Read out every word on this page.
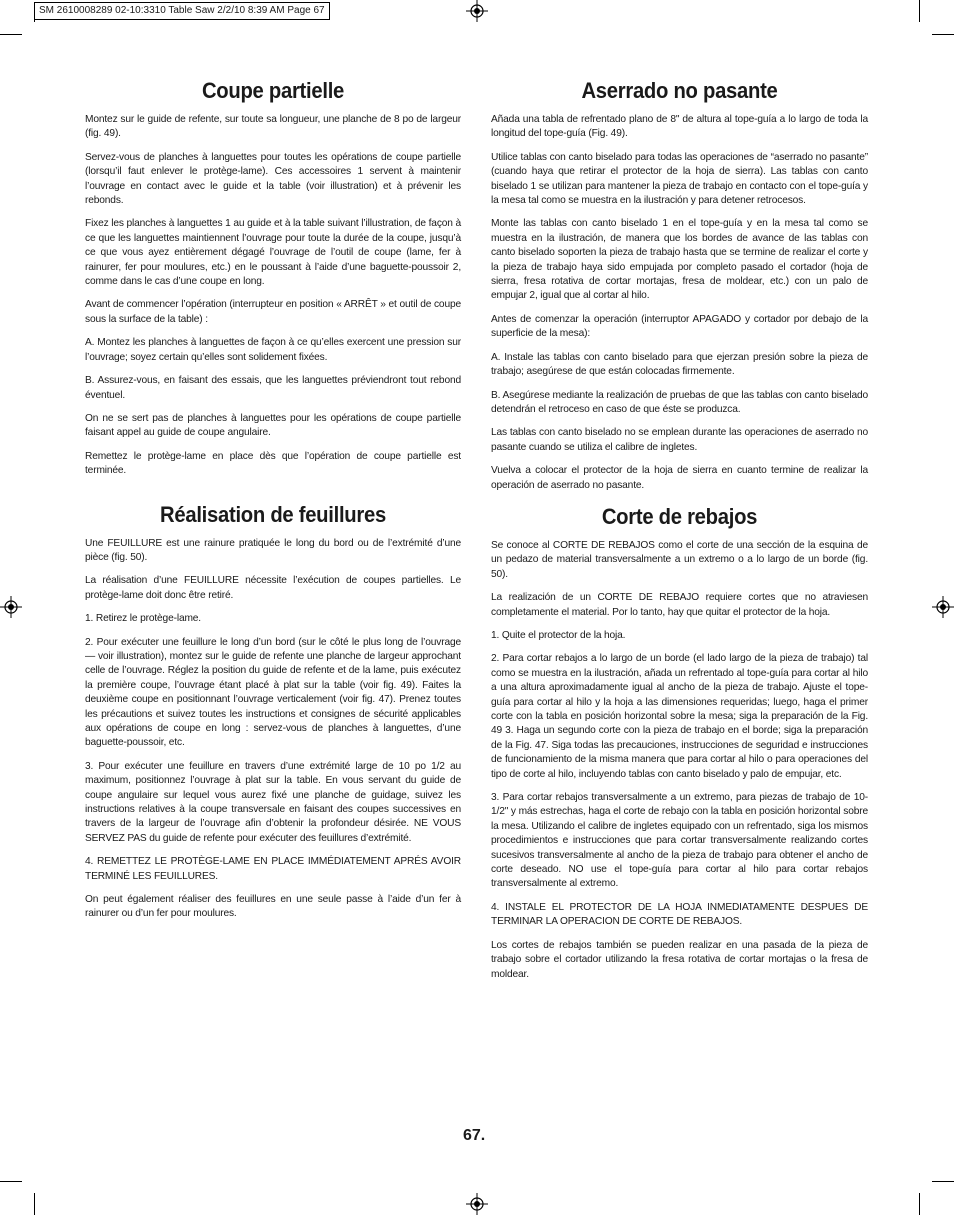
SM 2610008289 02-10:3310 Table Saw 2/2/10 8:39 AM Page 67
Coupe partielle

Montez sur le guide de refente, sur toute sa longueur, une planche de 8 po de largeur (fig. 49).

Servez-vous de planches à languettes pour toutes les opérations de coupe partielle (lorsqu’il faut enlever le protège-lame). Ces accessoires 1 servent à maintenir l’ouvrage en contact avec le guide et la table (voir illustration) et à prévenir les rebonds.

Fixez les planches à languettes 1 au guide et à la table suivant l’illustration, de façon à ce que les languettes maintiennent l’ouvrage pour toute la durée de la coupe, jusqu’à ce que vous ayez entièrement dégagé l’ouvrage de l’outil de coupe (lame, fer à rainurer, fer pour moulures, etc.) en le poussant à l’aide d’une baguette-poussoir 2, comme dans le cas d’une coupe en long.

Avant de commencer l’opération (interrupteur en position « ARRÊT » et outil de coupe sous la surface de la table) :

A. Montez les planches à languettes de façon à ce qu’elles exercent une pression sur l’ouvrage; soyez certain qu’elles sont solidement fixées.

B. Assurez-vous, en faisant des essais, que les languettes préviendront tout rebond éventuel.

On ne se sert pas de planches à languettes pour les opérations de coupe partielle faisant appel au guide de coupe angulaire.

Remettez le protège-lame en place dès que l’opération de coupe partielle est terminée.

Réalisation de feuillures

Une FEUILLURE est une rainure pratiquée le long du bord ou de l’extrémité d’une pièce (fig. 50).

La réalisation d’une FEUILLURE nécessite l’exécution de coupes partielles. Le protège-lame doit donc être retiré.

1. Retirez le protège-lame.

2. Pour exécuter une feuillure le long d’un bord (sur le côté le plus long de l’ouvrage — voir illustration), montez sur le guide de refente une planche de largeur approchant celle de l’ouvrage. Réglez la position du guide de refente et de la lame, puis exécutez la première coupe, l’ouvrage étant placé à plat sur la table (voir fig. 49). Faites la deuxième coupe en positionnant l’ouvrage verticalement (voir fig. 47). Prenez toutes les précautions et suivez toutes les instructions et consignes de sécurité applicables aux opérations de coupe en long : servez-vous de planches à languettes, d’une baguette-poussoir, etc.

3. Pour exécuter une feuillure en travers d’une extrémité large de 10 po 1/2 au maximum, positionnez l’ouvrage à plat sur la table. En vous servant du guide de coupe angulaire sur lequel vous aurez fixé une planche de guidage, suivez les instructions relatives à la coupe transversale en faisant des coupes successives en travers de la largeur de l’ouvrage afin d’obtenir la profondeur désirée. NE VOUS SERVEZ PAS du guide de refente pour exécuter des feuillures d’extrémité.

4. REMETTEZ LE PROTÈGE-LAME EN PLACE IMMÉDIATEMENT APRÉS AVOIR TERMINÉ LES FEUILLURES.

On peut également réaliser des feuillures en une seule passe à l’aide d’un fer à rainurer ou d’un fer pour moulures.

Aserrado no pasante

Añada una tabla de refrentado plano de 8" de altura al tope-guía a lo largo de toda la longitud del tope-guía (Fig. 49).

Utilice tablas con canto biselado para todas las operaciones de “aserrado no pasante” (cuando haya que retirar el protector de la hoja de sierra). Las tablas con canto biselado 1 se utilizan para mantener la pieza de trabajo en contacto con el tope-guía y la mesa tal como se muestra en la ilustración y para detener retrocesos.

Monte las tablas con canto biselado 1 en el tope-guía y en la mesa tal como se muestra en la ilustración, de manera que los bordes de avance de las tablas con canto biselado soporten la pieza de trabajo hasta que se termine de realizar el corte y la pieza de trabajo haya sido empujada por completo pasado el cortador (hoja de sierra, fresa rotativa de cortar mortajas, fresa de moldear, etc.) con un palo de empujar 2, igual que al cortar al hilo.

Antes de comenzar la operación (interruptor APAGADO y cortador por debajo de la superficie de la mesa):

A. Instale las tablas con canto biselado para que ejerzan presión sobre la pieza de trabajo; asegúrese de que están colocadas firmemente.

B. Asegúrese mediante la realización de pruebas de que las tablas con canto biselado detendrán el retroceso en caso de que éste se produzca.

Las tablas con canto biselado no se emplean durante las operaciones de aserrado no pasante cuando se utiliza el calibre de ingletes.

Vuelva a colocar el protector de la hoja de sierra en cuanto termine de realizar la operación de aserrado no pasante.

Corte de rebajos

Se conoce al CORTE DE REBAJOS como el corte de una sección de la esquina de un pedazo de material transversalmente a un extremo o a lo largo de un borde (fig. 50).

La realización de un CORTE DE REBAJO requiere cortes que no atraviesen completamente el material. Por lo tanto, hay que quitar el protector de la hoja.

1. Quite el protector de la hoja.

2. Para cortar rebajos a lo largo de un borde (el lado largo de la pieza de trabajo) tal como se muestra en la ilustración, añada un refrentado al tope-guía para cortar al hilo a una altura aproximadamente igual al ancho de la pieza de trabajo. Ajuste el tope-guía para cortar al hilo y la hoja a las dimensiones requeridas; luego, haga el primer corte con la tabla en posición horizontal sobre la mesa; siga la preparación de la Fig. 49 3. Haga un segundo corte con la pieza de trabajo en el borde; siga la preparación de la Fig. 47. Siga todas las precauciones, instrucciones de seguridad e instrucciones de funcionamiento de la misma manera que para cortar al hilo o para operaciones del tipo de corte al hilo, incluyendo tablas con canto biselado y palo de empujar, etc.

3. Para cortar rebajos transversalmente a un extremo, para piezas de trabajo de 10-1/2" y más estrechas, haga el corte de rebajo con la tabla en posición horizontal sobre la mesa. Utilizando el calibre de ingletes equipado con un refrentado, siga los mismos procedimientos e instrucciones que para cortar transversalmente realizando cortes sucesivos transversalmente al ancho de la pieza de trabajo para obtener el ancho de corte deseado. NO use el tope-guía para cortar al hilo para cortar rebajos transversalmente al extremo.

4. INSTALE EL PROTECTOR DE LA HOJA INMEDIATAMENTE DESPUES DE TERMINAR LA OPERACION DE CORTE DE REBAJOS.

Los cortes de rebajos también se pueden realizar en una pasada de la pieza de trabajo sobre el cortador utilizando la fresa rotativa de cortar mortajas o la fresa de moldear.

67.
